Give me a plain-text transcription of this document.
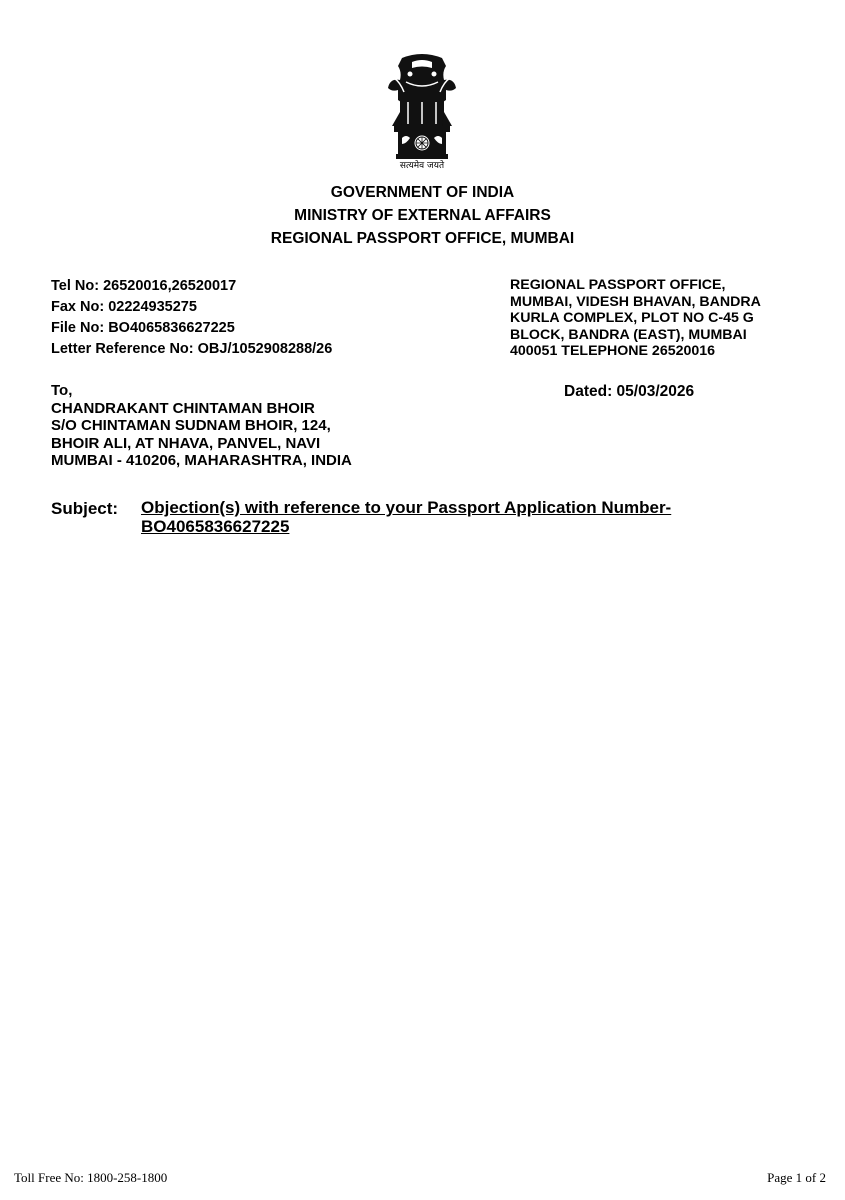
सत्यमेव जयते
GOVERNMENT OF INDIA
MINISTRY OF EXTERNAL AFFAIRS
REGIONAL PASSPORT OFFICE, MUMBAI
Tel No: 26520016,26520017
Fax No: 02224935275
File No: BO4065836627225
Letter Reference No: OBJ/1052908288/26
REGIONAL PASSPORT OFFICE,
MUMBAI, VIDESH BHAVAN, BANDRA
KURLA COMPLEX, PLOT NO C-45 G
BLOCK, BANDRA (EAST), MUMBAI
400051 TELEPHONE 26520016
To,
CHANDRAKANT CHINTAMAN BHOIR
S/O CHINTAMAN SUDNAM BHOIR, 124,
BHOIR ALI, AT NHAVA, PANVEL, NAVI
MUMBAI - 410206, MAHARASHTRA, INDIA
Dated: 05/03/2026
Subject: Objection(s) with reference to your Passport Application Number-
BO4065836627225
Toll Free No: 1800-258-1800	Page 1 of 2
